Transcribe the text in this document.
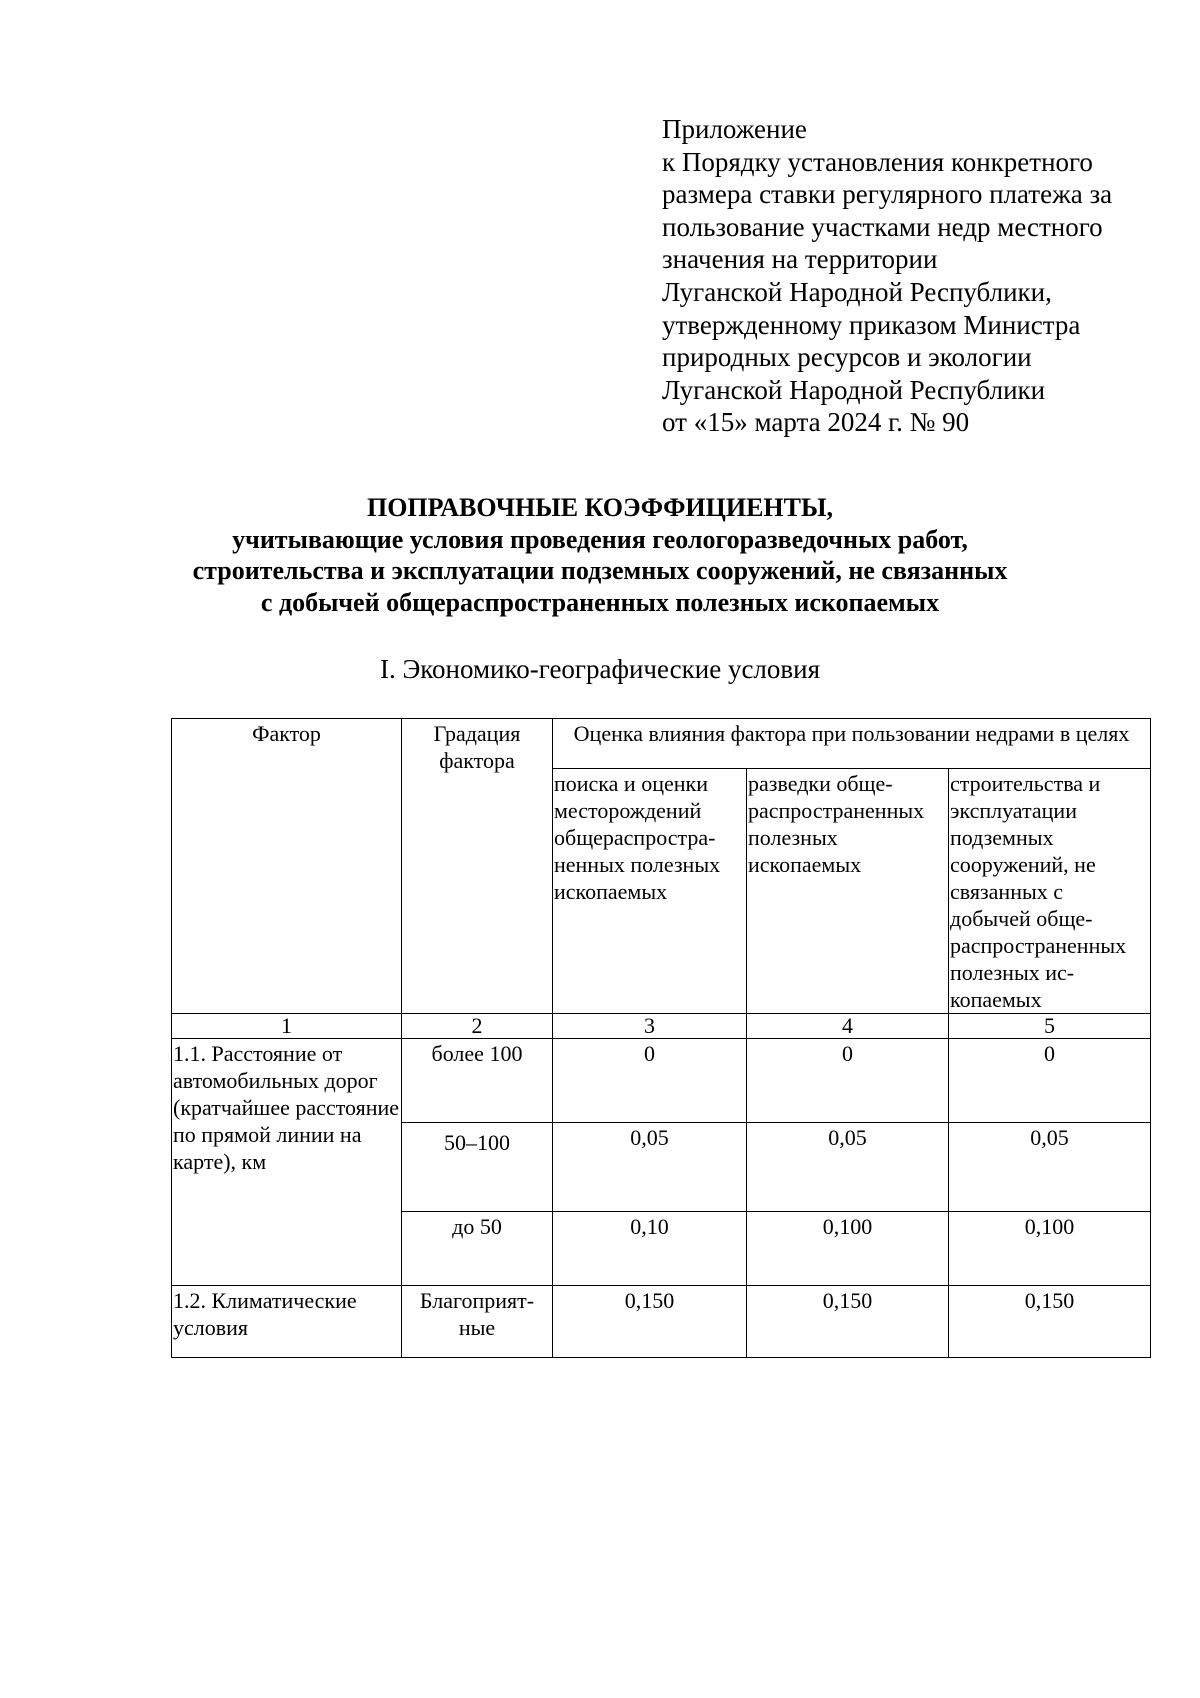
Приложение
к Порядку установления конкретного
размера ставки регулярного платежа за
пользование участками недр местного
значения на территории
Луганской Народной Республики,
утвержденному приказом Министра
природных ресурсов и экологии
Луганской Народной Республики
от «15» марта 2024 г. № 90
ПОПРАВОЧНЫЕ КОЭФФИЦИЕНТЫ,
учитывающие условия проведения геологоразведочных работ,
строительства и эксплуатации подземных сооружений, не связанных
с добычей общераспространенных полезных ископаемых
I. Экономико-географические условия
Фактор	Градация фактора	Оценка влияния фактора при пользовании недрами в целях		
		поиска и оценки месторождений общераспростра-ненных полезных ископаемых	разведки обще-распространенных полезных ископаемых	строительства и эксплуатации подземных сооружений, не связанных с добычей обще-распространенных полезных ис-копаемых
1	2	3	4	5
1.1. Расстояние от автомобильных дорог (кратчайшее расстояние по прямой линии на карте), км	более 100	0	0	0
	50–100	0,05	0,05	0,05
	до 50	0,10	0,100	0,100
1.2. Климатические условия	Благоприят-ные	0,150	0,150	0,150
